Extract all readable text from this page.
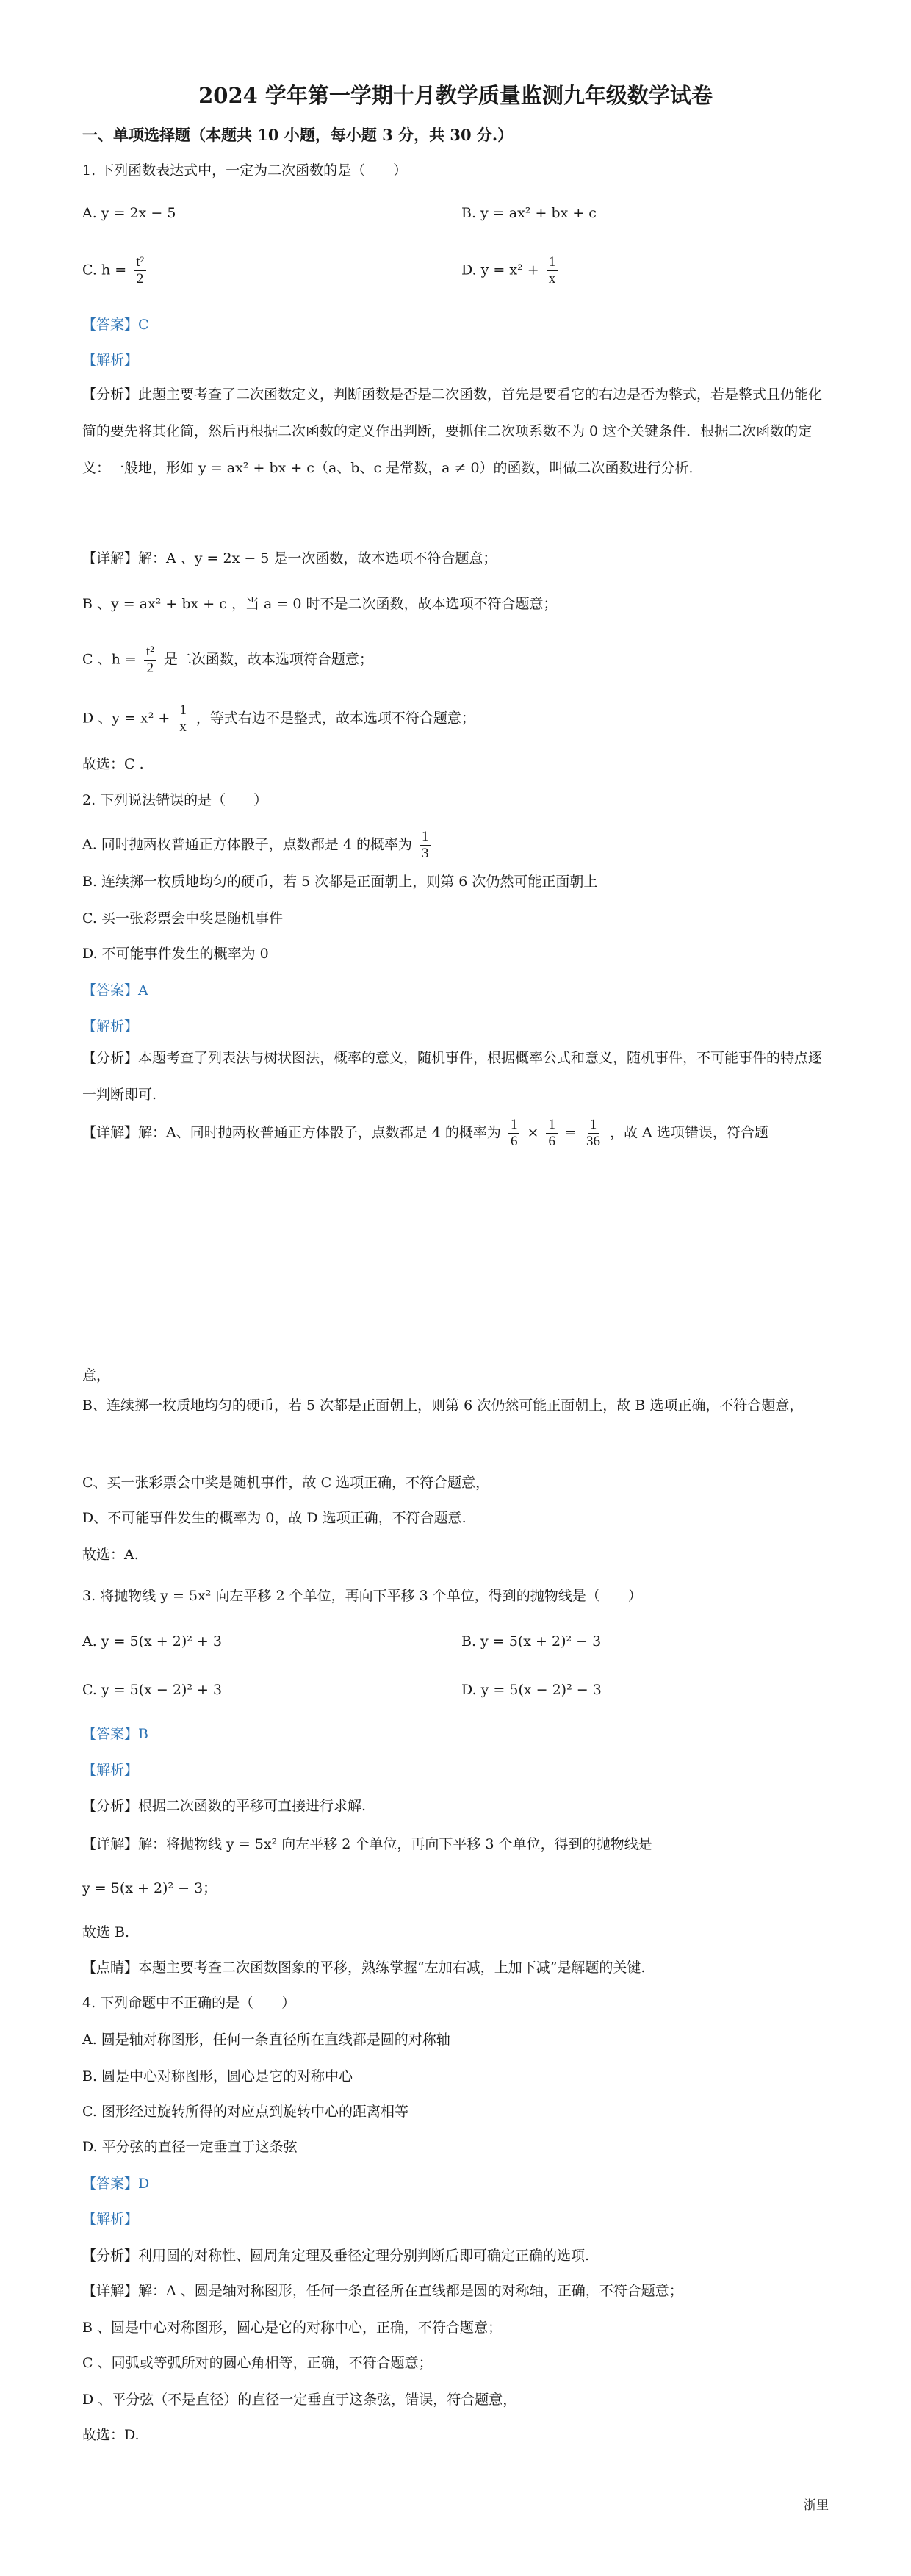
2024 学年第一学期十月教学质量监测九年级数学试卷
一、单项选择题（本题共 10 小题，每小题 3 分，共 30 分.）
1. 下列函数表达式中，一定为二次函数的是（　　）
A. y = 2x − 5	B. y = ax² + bx + c
C. $h = \frac{\text{t²}}{2}$	D. $y = x^2 + \frac{1}{x}$
【答案】C
【解析】
【分析】此题主要考查了二次函数定义，判断函数是否是二次函数，首先是要看它的右边是否为整式，若是整式且仍能化简的要先将其化简，然后再根据二次函数的定义作出判断，要抓住二次项系数不为 0 这个关键条件．根据二次函数的定义：一般地，形如 y = ax² + bx + c（a、b、c 是常数，a ≠ 0）的函数，叫做二次函数进行分析．
【详解】解：A 、y = 2x − 5 是一次函数，故本选项不符合题意；
B 、y = ax² + bx + c ，当 a = 0 时不是二次函数，故本选项不符合题意；
C 、$h = \frac{\text{t²}}{2}$ 是二次函数，故本选项符合题意；
D 、$y = x^2 + \frac{1}{x}$ ，等式右边不是整式，故本选项不符合题意；
故选：C .
2. 下列说法错误的是（　　）
A. 同时抛两枚普通正方体骰子，点数都是 4 的概率为 $\frac{1}{3}$
B. 连续掷一枚质地均匀的硬币，若 5 次都是正面朝上，则第 6 次仍然可能正面朝上
C. 买一张彩票会中奖是随机事件
D. 不可能事件发生的概率为 0
【答案】A
【解析】
【分析】本题考查了列表法与树状图法，概率的意义，随机事件，根据概率公式和意义，随机事件，不可能事件的特点逐一判断即可.
【详解】解：A、同时抛两枚普通正方体骰子，点数都是 4 的概率为 $\frac{1}{6} \times \frac{1}{6} = \frac{1}{36}$ ，故 A 选项错误，符合题
意，
B、连续掷一枚质地均匀的硬币，若 5 次都是正面朝上，则第 6 次仍然可能正面朝上，故 B 选项正确，不符合题意，
C、买一张彩票会中奖是随机事件，故 C 选项正确，不符合题意，
D、不可能事件发生的概率为 0，故 D 选项正确，不符合题意.
故选：A.
3. 将抛物线 y = 5x² 向左平移 2 个单位，再向下平移 3 个单位，得到的抛物线是（　　）
A. y = 5(x + 2)² + 3	B. y = 5(x + 2)² − 3
C. y = 5(x − 2)² + 3	D. y = 5(x − 2)² − 3
【答案】B
【解析】
【分析】根据二次函数的平移可直接进行求解.
【详解】解：将抛物线 y = 5x² 向左平移 2 个单位，再向下平移 3 个单位，得到的抛物线是
y = 5(x + 2)² − 3；
故选 B.
【点睛】本题主要考查二次函数图象的平移，熟练掌握“左加右减，上加下减”是解题的关键.
4. 下列命题中不正确的是（　　）
A. 圆是轴对称图形，任何一条直径所在直线都是圆的对称轴
B. 圆是中心对称图形，圆心是它的对称中心
C. 图形经过旋转所得的对应点到旋转中心的距离相等
D. 平分弦的直径一定垂直于这条弦
【答案】D
【解析】
【分析】利用圆的对称性、圆周角定理及垂径定理分别判断后即可确定正确的选项.
【详解】解：A 、圆是轴对称图形，任何一条直径所在直线都是圆的对称轴，正确，不符合题意；
B 、圆是中心对称图形，圆心是它的对称中心，正确，不符合题意；
C 、同弧或等弧所对的圆心角相等，正确，不符合题意；
D 、平分弦（不是直径）的直径一定垂直于这条弦，错误，符合题意，
故选：D.
浙里
